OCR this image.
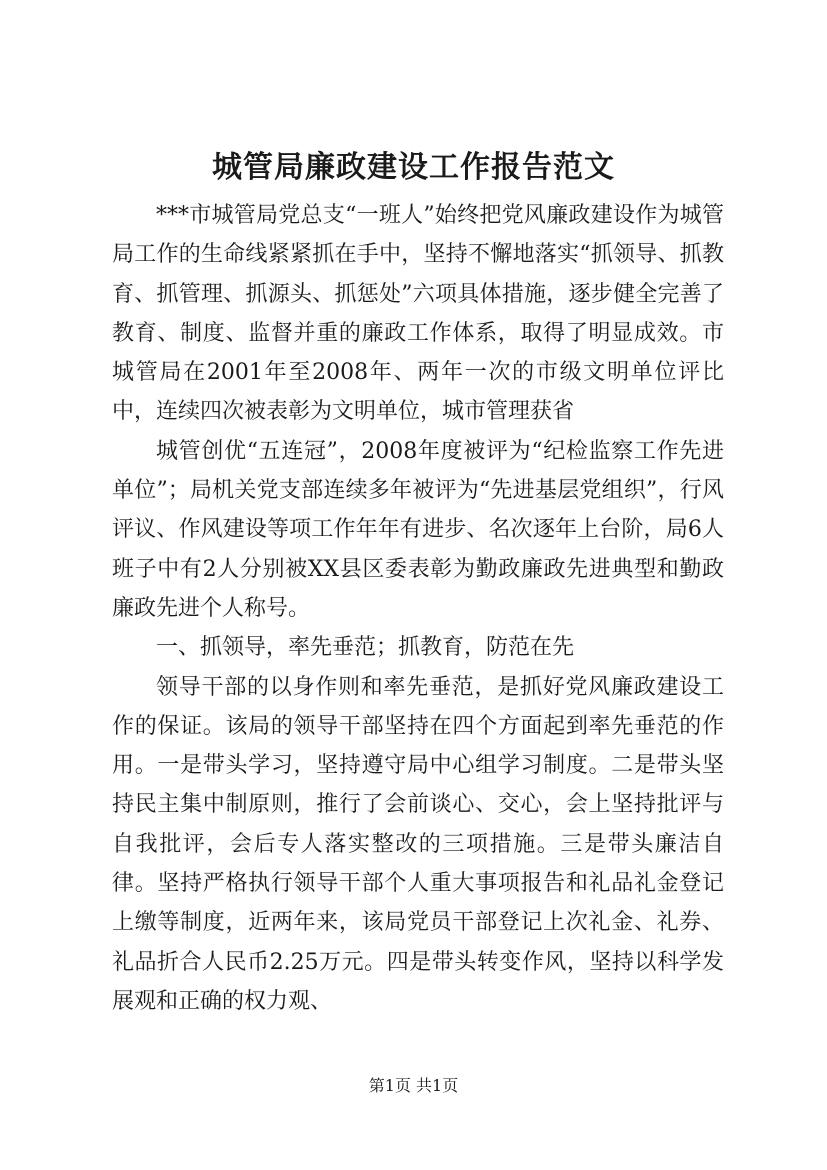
城管局廉政建设工作报告范文

***市城管局党总支“一班人”始终把党风廉政建设作为城管局工作的生命线紧紧抓在手中，坚持不懈地落实“抓领导、抓教育、抓管理、抓源头、抓惩处”六项具体措施，逐步健全完善了教育、制度、监督并重的廉政工作体系，取得了明显成效。市城管局在2001年至2008年、两年一次的市级文明单位评比中，连续四次被表彰为文明单位，城市管理获省

城管创优“五连冠”，2008年度被评为“纪检监察工作先进单位”；局机关党支部连续多年被评为“先进基层党组织”，行风评议、作风建设等项工作年年有进步、名次逐年上台阶，局6人班子中有2人分别被XX县区委表彰为勤政廉政先进典型和勤政廉政先进个人称号。

一、抓领导，率先垂范；抓教育，防范在先

领导干部的以身作则和率先垂范，是抓好党风廉政建设工作的保证。该局的领导干部坚持在四个方面起到率先垂范的作用。一是带头学习，坚持遵守局中心组学习制度。二是带头坚持民主集中制原则，推行了会前谈心、交心，会上坚持批评与自我批评，会后专人落实整改的三项措施。三是带头廉洁自律。坚持严格执行领导干部个人重大事项报告和礼品礼金登记上缴等制度，近两年来，该局党员干部登记上次礼金、礼券、礼品折合人民币2.25万元。四是带头转变作风，坚持以科学发展观和正确的权力观、

第1页 共1页
